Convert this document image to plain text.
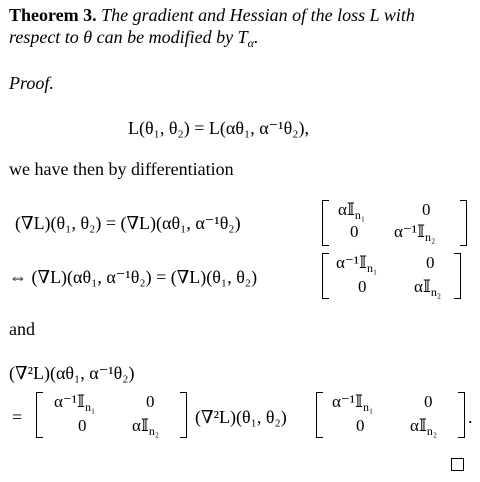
Theorem 3. The gradient and Hessian of the loss L with
respect to θ can be modified by $T_\alpha$.
Proof.
L(θ₁, θ₂) = L(αθ₁, α⁻¹θ₂),
we have then by differentiation
(∇L)(θ₁, θ₂) = (∇L)(αθ₁, α⁻¹θ₂)
α𝕀$_{n_1}$	0
0 α⁻¹𝕀$_{n_2}$
⇔ (∇L)(αθ₁, α⁻¹θ₂) = (∇L)(θ₁, θ₂)
α⁻¹𝕀$_{n_1}$	0
0	α𝕀$_{n_2}$
and
(∇²L)(αθ₁, α⁻¹θ₂)
=
α⁻¹𝕀$_{n_1}$	0
0	α𝕀$_{n_2}$
(∇²L)(θ₁, θ₂)
α⁻¹𝕀$_{n_1}$	0
0	α𝕀$_{n_2}$
.
